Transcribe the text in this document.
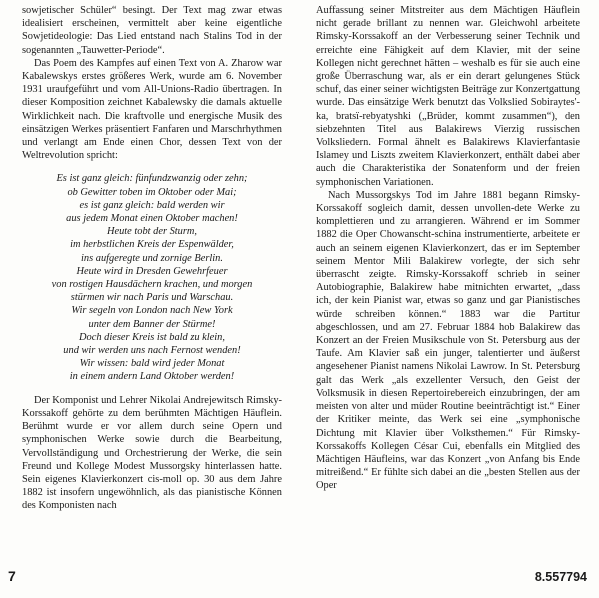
sowjetischer Schüler“ besingt. Der Text mag zwar etwas idealisiert erscheinen, vermittelt aber keine eigentliche Sowjetideologie: Das Lied entstand nach Stalins Tod in der sogenannten „Tauwetter-Periode“.

Das Poem des Kampfes auf einen Text von A. Zharow war Kabalewskys erstes größeres Werk, wurde am 6. November 1931 uraufgeführt und vom All-Unions-Radio übertragen. In dieser Komposition zeichnet Kabalewsky die damals aktuelle Wirklichkeit nach. Die kraftvolle und energische Musik des einsätzigen Werkes präsentiert Fanfaren und Marschrhythmen und verlangt am Ende einen Chor, dessen Text von der Weltrevolution spricht:

Es ist ganz gleich: fünfundzwanzig oder zehn;
ob Gewitter toben im Oktober oder Mai;
es ist ganz gleich: bald werden wir
aus jedem Monat einen Oktober machen!
Heute tobt der Sturm,
im herbstlichen Kreis der Espenwälder,
ins aufgeregte und zornige Berlin.
Heute wird in Dresden Gewehrfeuer
von rostigen Hausdächern krachen, und morgen
stürmen wir nach Paris und Warschau.
Wir segeln von London nach New York
unter dem Banner der Stürme!
Doch dieser Kreis ist bald zu klein,
und wir werden uns nach Fernost wenden!
Wir wissen: bald wird jeder Monat
in einem andern Land Oktober werden!

Der Komponist und Lehrer Nikolai Andrejewitsch Rimsky-Korssakoff gehörte zu dem berühmten Mächtigen Häuflein. Berühmt wurde er vor allem durch seine Opern und symphonischen Werke sowie durch die Bearbeitung, Vervollständigung und Orchestrierung der Werke, die sein Freund und Kollege Modest Mussorgsky hinterlassen hatte. Sein eigenes Klavierkonzert cis-moll op. 30 aus dem Jahre 1882 ist insofern ungewöhnlich, als das pianistische Können des Komponisten nach

Auffassung seiner Mitstreiter aus dem Mächtigen Häuflein nicht gerade brillant zu nennen war. Gleichwohl arbeitete Rimsky-Korssakoff an der Verbesserung seiner Technik und erreichte eine Fähigkeit auf dem Klavier, mit der seine Kollegen nicht gerechnet hätten – weshalb es für sie auch eine große Überraschung war, als er ein derart gelungenes Stück schuf, das einer seiner wichtigsten Beiträge zur Konzertgattung wurde. Das einsätzige Werk benutzt das Volkslied Sobiraytes'-ka, bratsï-rebyatyshki („Brüder, kommt zusammen“), den siebzehnten Titel aus Balakirews Vierzig russischen Volksliedern. Formal ähnelt es Balakirews Klavierfantasie Islamey und Liszts zweitem Klavierkonzert, enthält dabei aber auch die Charakteristika der Sonatenform und der freien symphonischen Variationen.

Nach Mussorgskys Tod im Jahre 1881 begann Rimsky-Korssakoff sogleich damit, dessen unvollen-dete Werke zu komplettieren und zu arrangieren. Während er im Sommer 1882 die Oper Chowanscht-schina instrumentierte, arbeitete er auch an seinem eigenen Klavierkonzert, das er im September seinem Mentor Mili Balakirew vorlegte, der sich sehr überrascht zeigte. Rimsky-Korssakoff schrieb in seiner Autobiographie, Balakirew habe mitnichten erwartet, „dass ich, der kein Pianist war, etwas so ganz und gar Pianistisches würde schreiben können.“ 1883 war die Partitur abgeschlossen, und am 27. Februar 1884 hob Balakirew das Konzert an der Freien Musikschule von St. Petersburg aus der Taufe. Am Klavier saß ein junger, talentierter und äußerst angesehener Pianist namens Nikolai Lawrow. In St. Petersburg galt das Werk „als exzellenter Versuch, den Geist der Volksmusik in diesen Repertoirebereich einzubringen, der am meisten von alter und müder Routine beeinträchtigt ist.“ Einer der Kritiker meinte, das Werk sei eine „symphonische Dichtung mit Klavier über Volksthemen.“ Für Rimsky-Korssakoffs Kollegen César Cui, ebenfalls ein Mitglied des Mächtigen Häufleins, war das Konzert „von Anfang bis Ende mitreißend.“ Er fühlte sich dabei an die „besten Stellen aus der Oper

7	8.557794
